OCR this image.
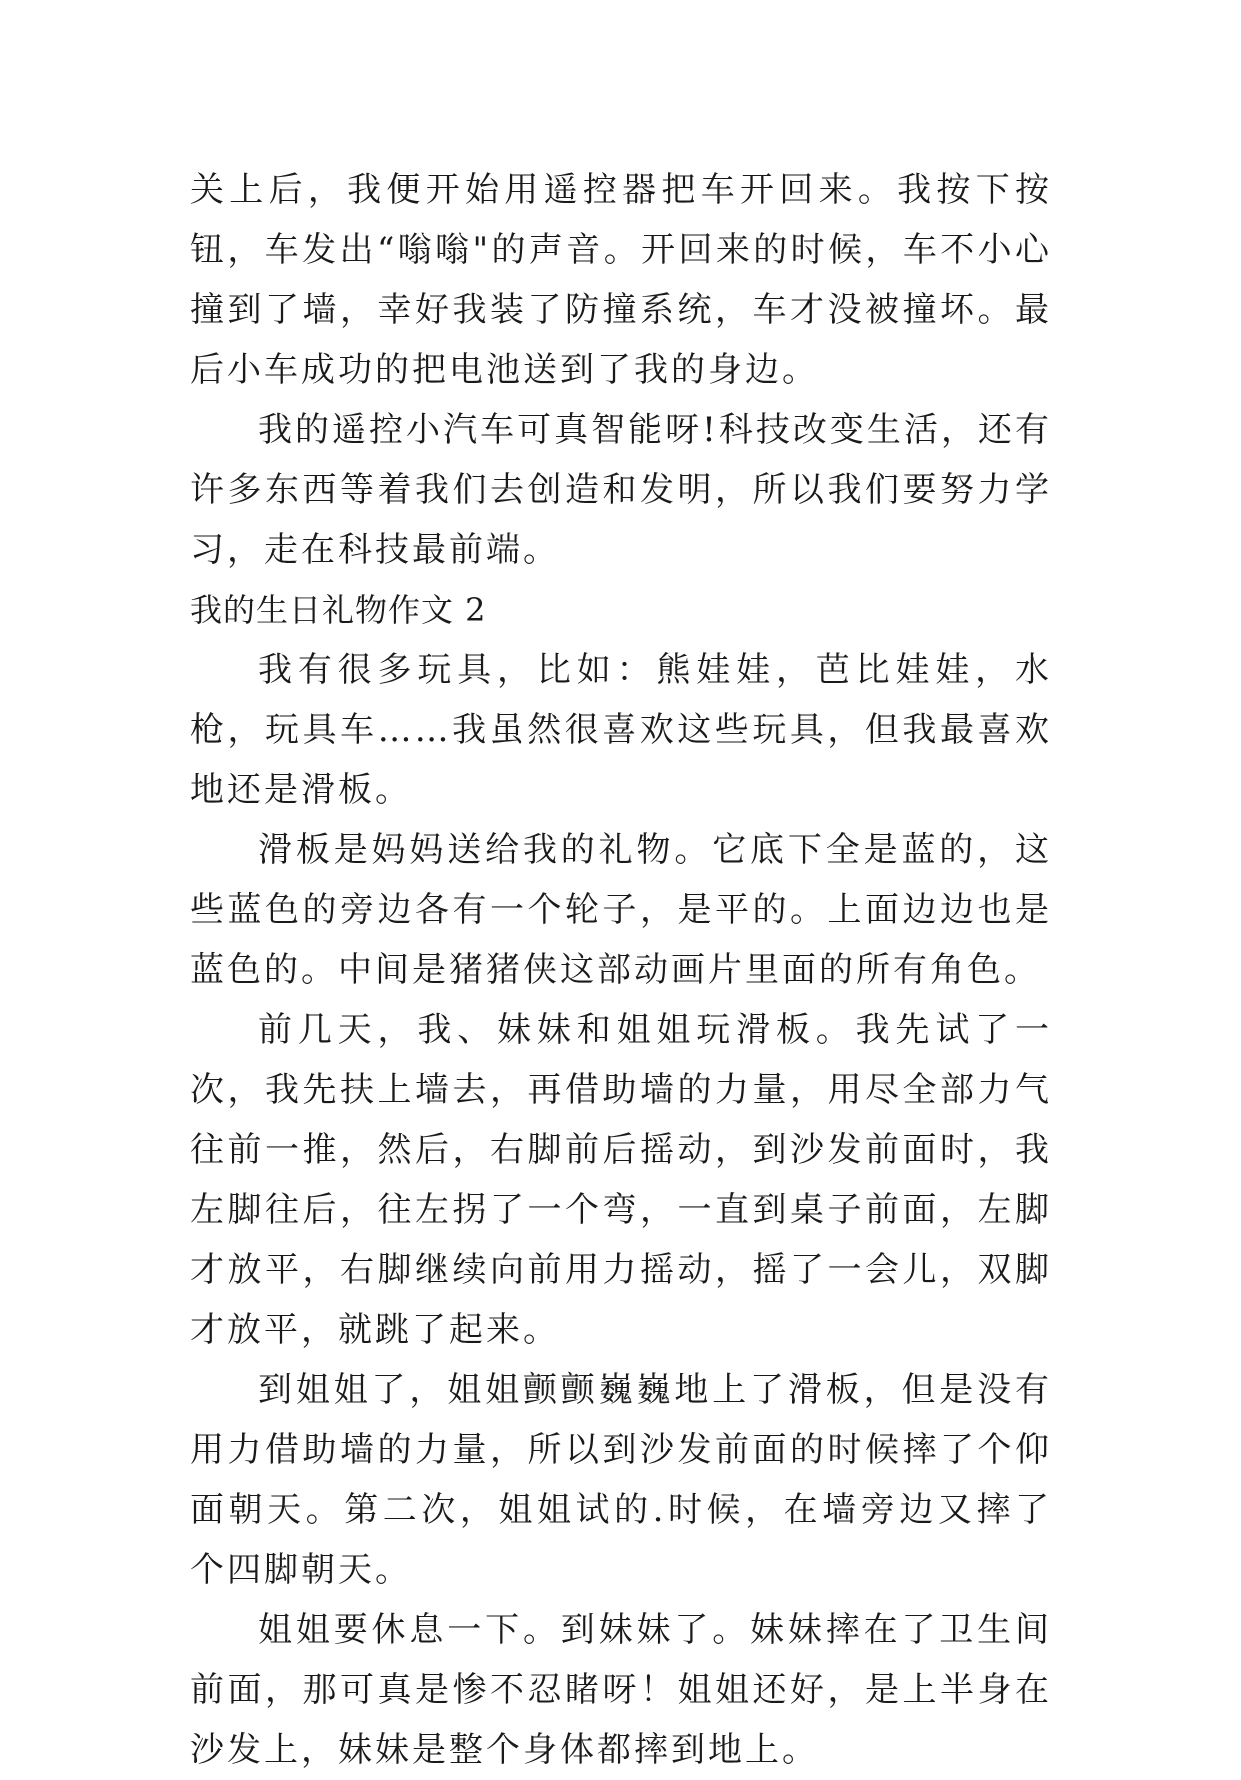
关上后，我便开始用遥控器把车开回来。我按下按钮，车发出“嗡嗡"的声音。开回来的时候，车不小心撞到了墙，幸好我装了防撞系统，车才没被撞坏。最后小车成功的把电池送到了我的身边。

我的遥控小汽车可真智能呀!科技改变生活，还有许多东西等着我们去创造和发明，所以我们要努力学习，走在科技最前端。

我的生日礼物作文 2

我有很多玩具，比如：熊娃娃，芭比娃娃，水枪，玩具车……我虽然很喜欢这些玩具，但我最喜欢地还是滑板。

滑板是妈妈送给我的礼物。它底下全是蓝的，这些蓝色的旁边各有一个轮子，是平的。上面边边也是蓝色的。中间是猪猪侠这部动画片里面的所有角色。

前几天，我、妹妹和姐姐玩滑板。我先试了一次，我先扶上墙去，再借助墙的力量，用尽全部力气往前一推，然后，右脚前后摇动，到沙发前面时，我左脚往后，往左拐了一个弯，一直到桌子前面，左脚才放平，右脚继续向前用力摇动，摇了一会儿，双脚才放平，就跳了起来。

到姐姐了，姐姐颤颤巍巍地上了滑板，但是没有用力借助墙的力量，所以到沙发前面的时候摔了个仰面朝天。第二次，姐姐试的.时候，在墙旁边又摔了个四脚朝天。

姐姐要休息一下。到妹妹了。妹妹摔在了卫生间前面，那可真是惨不忍睹呀！姐姐还好，是上半身在沙发上，妹妹是整个身体都摔到地上。
